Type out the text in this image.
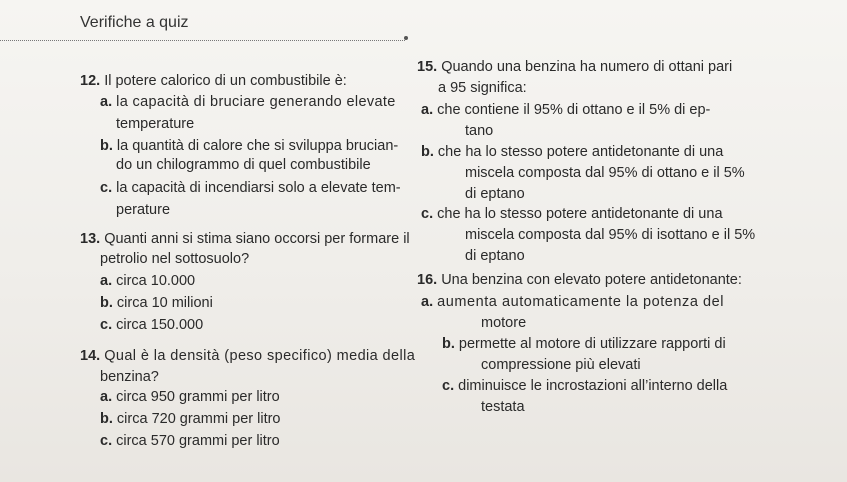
Verifiche a quiz
12. Il potere calorico di un combustibile è:
a. la capacità di bruciare generando elevate
temperature
b. la quantità di calore che si sviluppa brucian-
do un chilogrammo di quel combustibile
c. la capacità di incendiarsi solo a elevate tem-
perature
13. Quanti anni si stima siano occorsi per formare il
petrolio nel sottosuolo?
a. circa 10.000
b. circa 10 milioni
c. circa 150.000
14. Qual è la densità (peso specifico) media della
benzina?
a. circa 950 grammi per litro
b. circa 720 grammi per litro
c. circa 570 grammi per litro
15. Quando una benzina ha numero di ottani pari
a 95 significa:
a. che contiene il 95% di ottano e il 5% di ep-
tano
b. che ha lo stesso potere antidetonante di una
miscela composta dal 95% di ottano e il 5%
di eptano
c. che ha lo stesso potere antidetonante di una
miscela composta dal 95% di isottano e il 5%
di eptano
16. Una benzina con elevato potere antidetonante:
a. aumenta automaticamente la potenza del
motore
b. permette al motore di utilizzare rapporti di
compressione più elevati
c. diminuisce le incrostazioni all’interno della
testata
